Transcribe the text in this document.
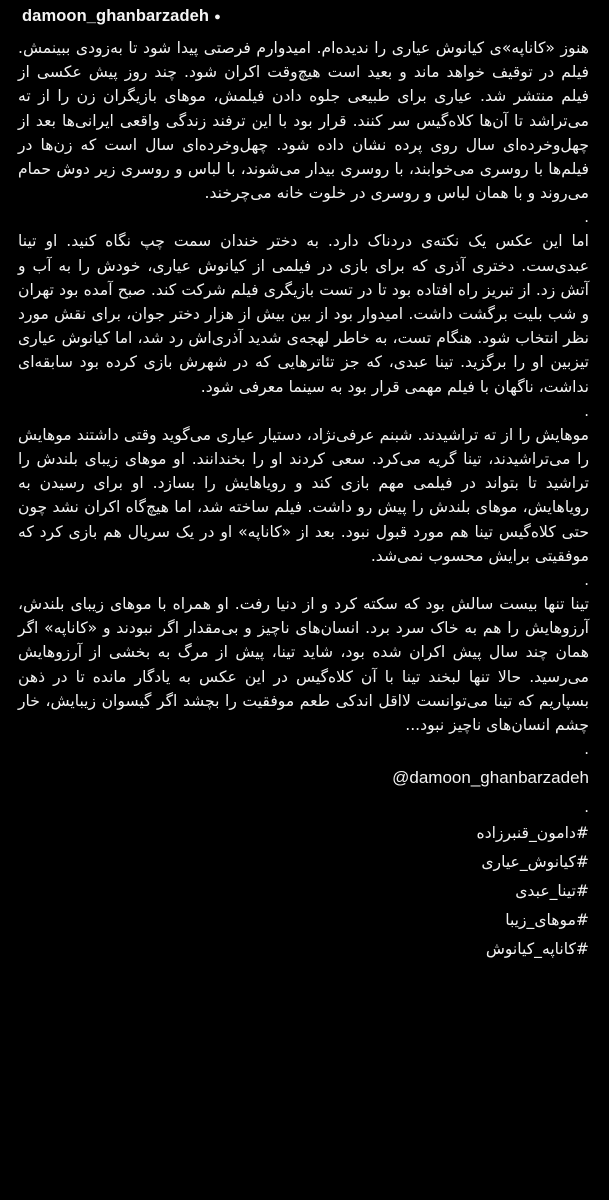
damoon_ghanbarzadeh ●

هنوز «کاناپه»‌ی کیانوش عیاری را ندیده‌ام. امیدوارم فرصتی پیدا شود تا به‌زودی ببینمش. فیلم در توقیف خواهد ماند و بعید است هیچ‌وقت اکران شود. چند روز پیش عکسی از فیلم منتشر شد. عیاری برای طبیعی جلوه دادن فیلمش، موهای بازیگران زن را از ته می‌تراشد تا آن‌ها کلاه‌گیس سر کنند. قرار بود با این ترفند زندگی واقعی ایرانی‌ها بعد از چهل‌وخرده‌ای سال روی پرده نشان داده شود. چهل‌وخرده‌ای سال است که زن‌ها در فیلم‌ها با روسری می‌خوابند، با روسری بیدار می‌شوند، با لباس و روسری زیر دوش حمام می‌روند و با همان لباس و روسری در خلوت خانه می‌چرخند.

.

اما این عکس یک نکته‌ی دردناک دارد. به دختر خندان سمت چپ نگاه کنید. او تینا عبدی‌ست. دختری آذری که برای بازی در فیلمی از کیانوش عیاری، خودش را به آب و آتش زد. از تبریز راه افتاده بود تا در تست بازیگری فیلم شرکت کند. صبح آمده بود تهران و شب بلیت برگشت داشت. امیدوار بود از بین بیش از هزار دختر جوان، برای نقش مورد نظر انتخاب شود. هنگام تست، به خاطر لهجه‌ی شدید آذری‌اش رد شد، اما کیانوش عیاری تیزبین او را برگزید. تینا عبدی، که جز تئاترهایی که در شهرش بازی کرده بود سابقه‌ای نداشت، ناگهان با فیلم مهمی قرار بود به سینما معرفی شود.

.

موهایش را از ته تراشیدند. شبنم عرفی‌نژاد، دستیار عیاری می‌گوید وقتی داشتند موهایش را می‌تراشیدند، تینا گریه می‌کرد. سعی کردند او را بخندانند. او موهای زیبای بلندش را تراشید تا بتواند در فیلمی مهم بازی کند و رویاهایش را بسازد. او برای رسیدن به رویاهایش، موهای بلندش را پیش رو داشت. فیلم ساخته شد، اما هیچ‌گاه اکران نشد چون حتی کلاه‌گیس تینا هم مورد قبول نبود. بعد از «کاناپه» او در یک سریال هم بازی کرد که موفقیتی برایش محسوب نمی‌شد.

.

تینا تنها بیست سالش بود که سکته کرد و از دنیا رفت. او همراه با موهای زیبای بلندش، آرزوهایش را هم به خاک سرد برد. انسان‌های ناچیز و بی‌مقدار اگر نبودند و «کاناپه» اگر همان چند سال پیش اکران شده بود، شاید تینا، پیش از مرگ به بخشی از آرزوهایش می‌رسید. حالا تنها لبخند تینا با آن کلاه‌گیس در این عکس به یادگار مانده تا در ذهن بسپاریم که تینا می‌توانست لااقل اندکی طعم موفقیت را بچشد اگر گیسوان زیبایش، خار چشم انسان‌های ناچیز نبود...

.
@damoon_ghanbarzadeh
.
#دامون_قنبرزاده
#کیانوش_عیاری
#تینا_عبدی
#موهای_زیبا
#کاناپه_کیانوش
